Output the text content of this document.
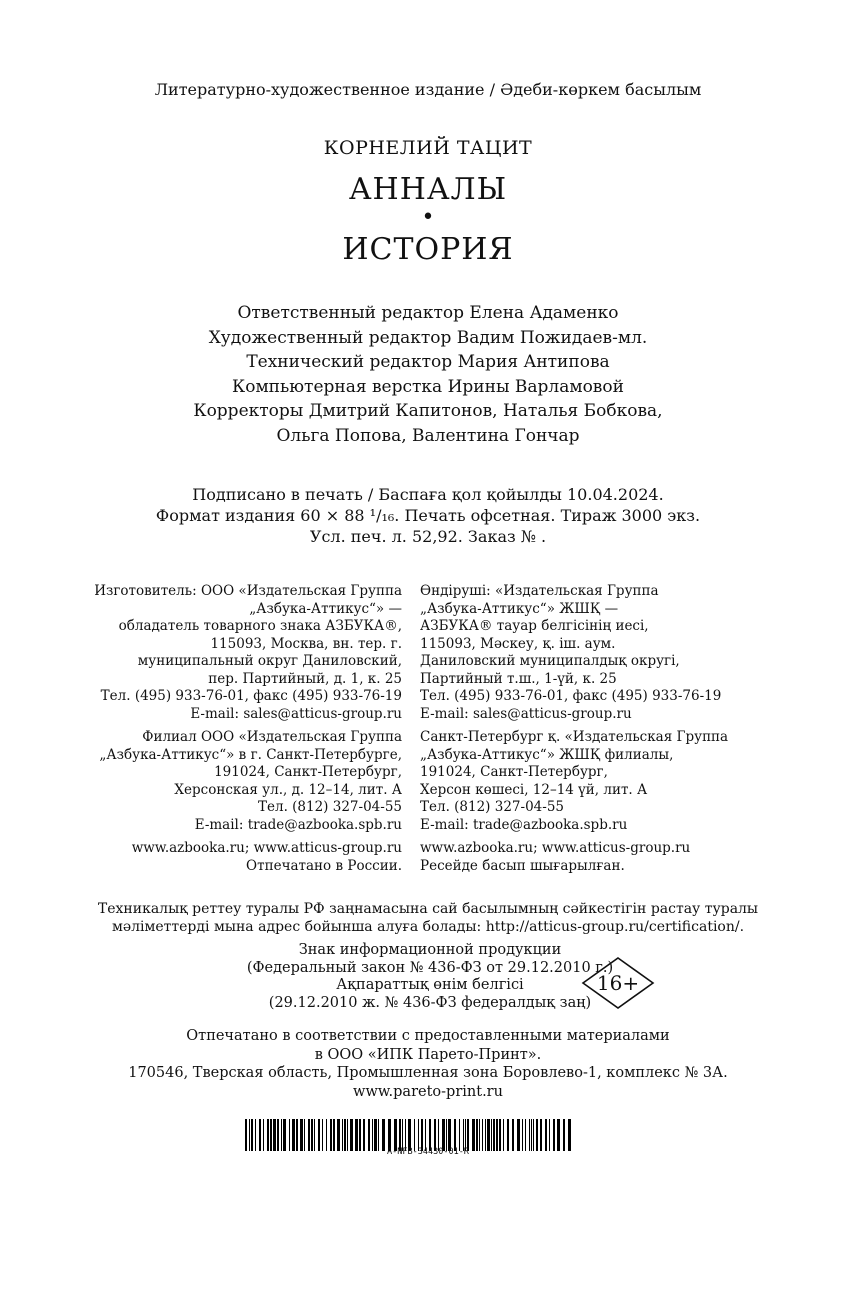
Литературно-художественное издание / Әдеби-көркем басылым
КОРНЕЛИЙ ТАЦИТ
АННАЛЫ
•
ИСТОРИЯ
Ответственный редактор Елена Адаменко
Художественный редактор Вадим Пожидаев-мл.
Технический редактор Мария Антипова
Компьютерная верстка Ирины Варламовой
Корректоры Дмитрий Капитонов, Наталья Бобкова,
Ольга Попова, Валентина Гончар
Подписано в печать / Баспаға қол қойылды 10.04.2024.
Формат издания 60 × 88 ¹/₁₆. Печать офсетная. Тираж 3000 экз.
Усл. печ. л. 52,92. Заказ № .
Изготовитель: ООО «Издательская Группа
„Азбука-Аттикус“» —
обладатель товарного знака АЗБУКА®,
115093, Москва, вн. тер. г.
муниципальный округ Даниловский,
пер. Партийный, д. 1, к. 25
Тел. (495) 933-76-01, факс (495) 933-76-19
E-mail: sales@atticus-group.ru
Өндіруші: «Издательская Группа
„Азбука-Аттикус“» ЖШҚ —
АЗБУКА® тауар белгісінің иесі,
115093, Мәскеу, қ. іш. аум.
Даниловский муниципалдық округі,
Партийный т.ш., 1-үй, к. 25
Тел. (495) 933-76-01, факс (495) 933-76-19
E-mail: sales@atticus-group.ru
Филиал ООО «Издательская Группа
„Азбука-Аттикус“» в г. Санкт-Петербурге,
191024, Санкт-Петербург,
Херсонская ул., д. 12–14, лит. А
Тел. (812) 327-04-55
E-mail: trade@azbooka.spb.ru
Санкт-Петербург қ. «Издательская Группа
„Азбука-Аттикус“» ЖШҚ филиалы,
191024, Санкт-Петербург,
Херсон көшесі, 12–14 үй, лит. А
Тел. (812) 327-04-55
E-mail: trade@azbooka.spb.ru
www.azbooka.ru; www.atticus-group.ru
Отпечатано в России.
www.azbooka.ru; www.atticus-group.ru
Ресейде басып шығарылған.
Техникалық реттеу туралы РФ заңнамасына сай басылымның сәйкестігін растау туралы
мәліметтерді мына адрес бойынша алуға болады: http://atticus-group.ru/certification/.
Знак информационной продукции
(Федеральный закон № 436-ФЗ от 29.12.2010 г.)
Ақпараттық өнім белгісі
(29.12.2010 ж. № 436-ФЗ федералдық заң)
16+
Отпечатано в соответствии с предоставленными материалами
в ООО «ИПК Парето-Принт».
170546, Тверская область, Промышленная зона Боровлево-1, комплекс № 3А.
www.pareto-print.ru
A-NFB-34430-01-R
